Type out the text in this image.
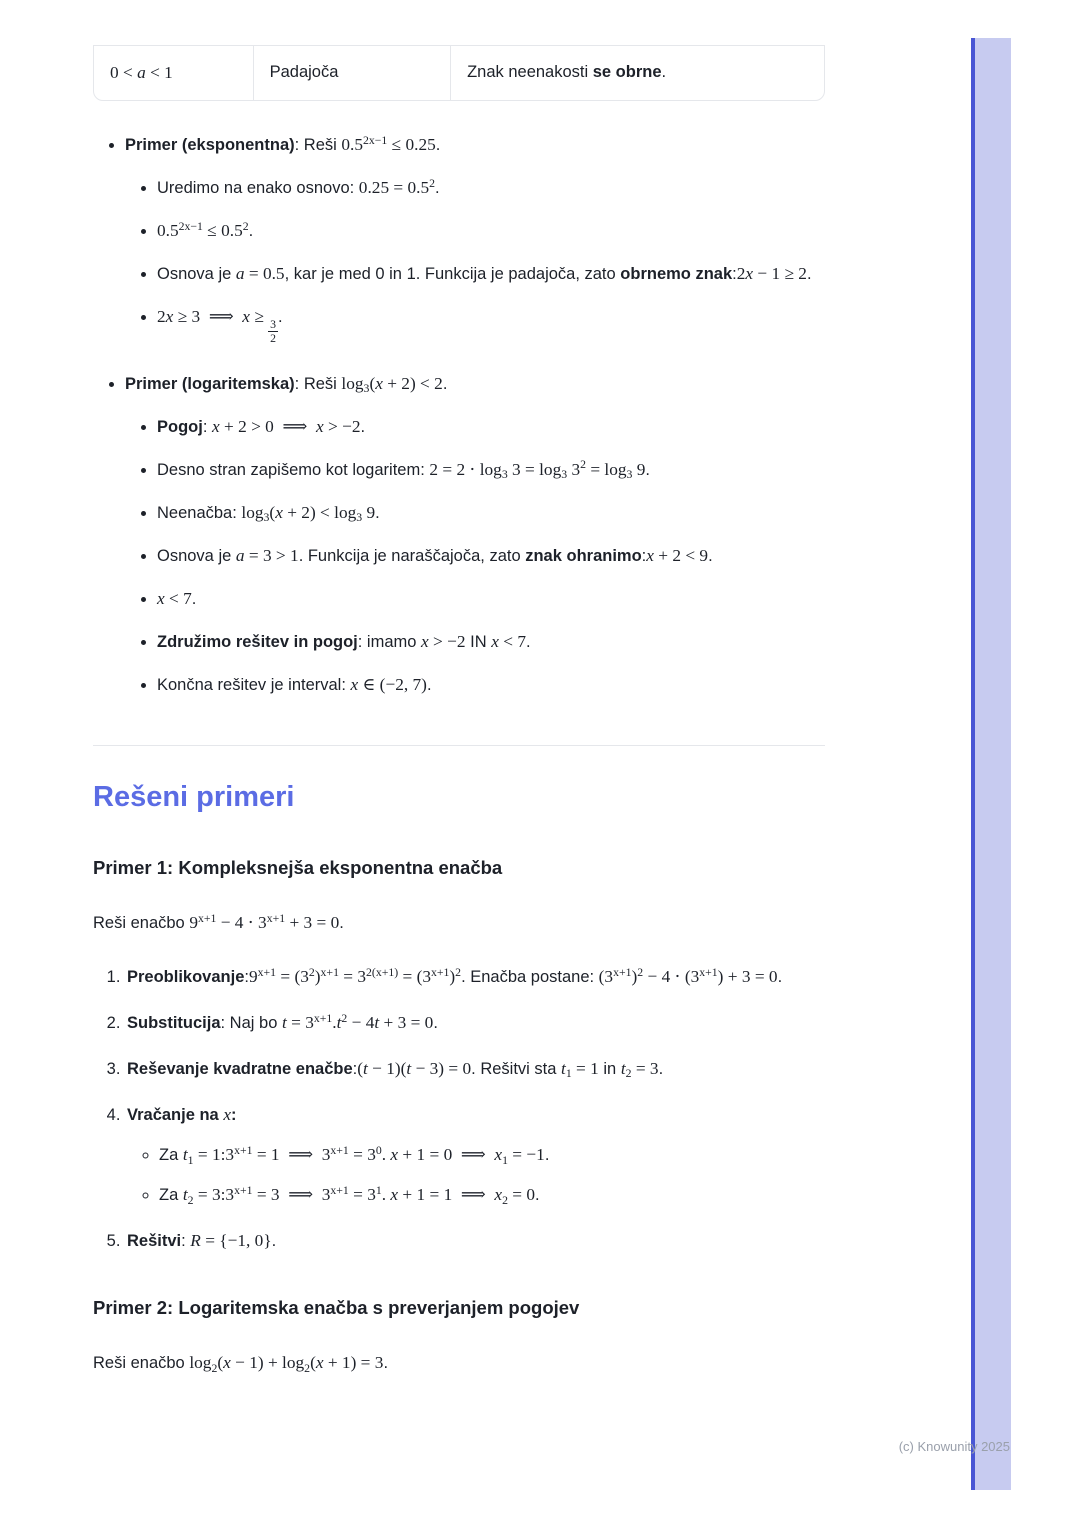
0 < a < 1	Padajoča	Znak neenakosti se obrne.
• Primer (eksponentna): Reši $0.5^{2x-1} \le 0.25$.
• Uredimo na enako osnovo: $0.25 = 0.5^2$.
• $0.5^{2x-1} \le 0.5^2$.
• Osnova je a = 0.5, kar je med 0 in 1. Funkcija je padajoča, zato obrnemo znak:2x − 1 ≥ 2.
• 2x ≥ 3 ⟹ x ≥
$\frac{3}{2}$
.
• Primer (logaritemska): Reši $\log_3(x + 2) < 2$.
• Pogoj: x + 2 > 0 ⟹ x > −2.
• Desno stran zapišemo kot logaritem: $2 = 2 \cdot \log_3 3 = \log_3 3^2 = \log_3 9$.
• Neenačba: $\log_3(x + 2) < \log_3 9$.
• Osnova je a = 3 > 1. Funkcija je naraščajoča, zato znak ohranimo:x + 2 < 9.
• x < 7.
• Združimo rešitev in pogoj: imamo x > −2 IN x < 7.
• Končna rešitev je interval: x ∈ (−2, 7).
Rešeni primeri
Primer 1: Kompleksnejša eksponentna enačba

Reši enačbo $9^{x+1} - 4 \cdot 3^{x+1} + 3 = 0$.

1. $Preoblikovanje:9^{x+1} = (3^2)^{x+1} = 3^{2(x+1)} = (3^{x+1})^2$. Enačba postane: $(3^{x+1})^2 - 4 \cdot (3^{x+1}) + 3 = 0$.
2. Substitucija: Naj bo $t = 3^{x+1}.t^2 - 4t + 3 = 0$.
3. Reševanje kvadratne enačbe:(t − 1)(t − 3) = 0. Rešitvi sta $t_1 = 1$ in $t_2 = 3$.
4. Vračanje na x:
◦ Za $t_1$ = $1:3^{x+1} = 1$ ⟹ $3^{x+1} = 3^0$. x + 1 = 0 ⟹ $x_1 = -1$.
◦ Za $t_2$ = $3:3^{x+1} = 3$ ⟹ $3^{x+1} = 3^1$. x + 1 = 1 ⟹ $x_2 = 0$.
5. Rešitvi: R = {−1, 0}.
Primer 2: Logaritemska enačba s preverjanjem pogojev

Reši enačbo $\log_2(x - 1) + \log_2(x + 1) = 3$.

(c) Knowunity 2025
